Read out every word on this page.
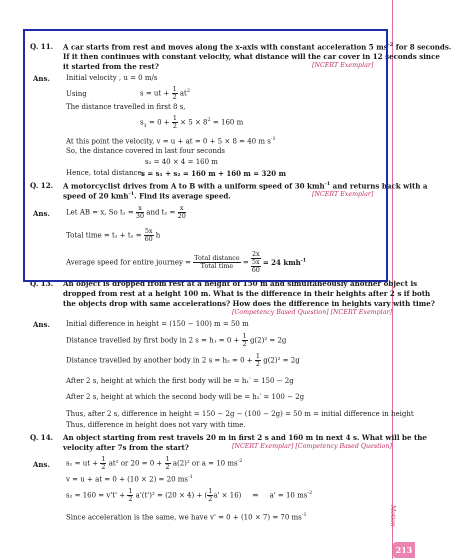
Motion
213
Q. 11. A car starts from rest and moves along the x-axis with constant acceleration 5 $ms^{-2}$ for 8 seconds.
If it then continues with constant velocity, what distance will the car cover in 12 seconds since
it started from the rest?	[NCERT Exemplar]
Ans. Initial velocity , u = 0 m/s
Using	s = ut + $\frac{1}{2} at^2$
The distance travelled in first 8 s,
$s_1 = 0 + \frac{1}{2} \times 5 \times 8^2 = 160$ m
At this point the velocity, v = u + at = 0 + 5 × 8 = 40 m $s^{-1}$
So, the distance covered in last four seconds
s₂ = 40 × 4 = 160 m
Hence, total distance,
s = s₁ + s₂ = 160 m + 160 m = 320 m
Q. 12. A motorcyclist drives from A to B with a uniform speed of 30 kmh$^{-1}$ and returns back with a
speed of 20 kmh$^{-1}$. Find its average speed.	[NCERT Exemplar]
Ans. Let AB = x, So $t_1 = \frac{x}{30}$ and $t_2 = \frac{x}{20}$
Total time = $t_1 + t_2 = \frac{5x}{60}$ h
Average speed for entire journey = $\frac{\text{Total distance}}{\text{Total time}}$ =
2x
5x
60
= 24 kmh$^{-1}$
Q. 13. An object is dropped from rest at a height of 150 m and simultaneously another object is
dropped from rest at a height 100 m. What is the difference in their heights after 2 s if both
the objects drop with same accelerations? How does the difference in heights vary with time?
[Competency Based Question] [NCERT Exemplar]
Ans. Initial difference in height = (150 − 100) m = 50 m
Distance travelled by first body in 2 $s = h_1 = 0 + \frac{1}{2} g(2)^2 = 2g$
Distance travelled by another body in 2 $s = h_2 = 0 + \frac{1}{2} g(2)^2 = 2g$
After 2 s, height at which the first body will be = h₁′ = 150 − 2g
After 2 s, height at which the second body will be = h₂′ = 100 − 2g
Thus, after 2 s, difference in height = 150 − 2g − (100 − 2g) = 50 m = initial difference in height
Thus, difference in height does not vary with time.
Q. 14. An object starting from rest travels 20 m in first 2 s and 160 m in next 4 s. What will be the
velocity after 7s from the start?	[NCERT Exemplar] [Competency Based Question]
Ans. s₁ = ut + $\frac{1}{2} at^2$ or $20 = 0 + \frac{1}{2} a(2)^2$ or a = 10 $ms^{-2}$
v = u + at = 0 + (10 × 2) = 20 $ms^{-1}$
$s_2 = 160 = v't' + \frac{1}{2} a'(t')^2 = (20 \times 4)$ + ( $\frac{1}{2} a' \times 16$) ⇒ a' = 10 $ms^{-2}$
Since acceleration is the same, we have v' = 0 + (10 × 7) = 70 $ms^{-1}$
